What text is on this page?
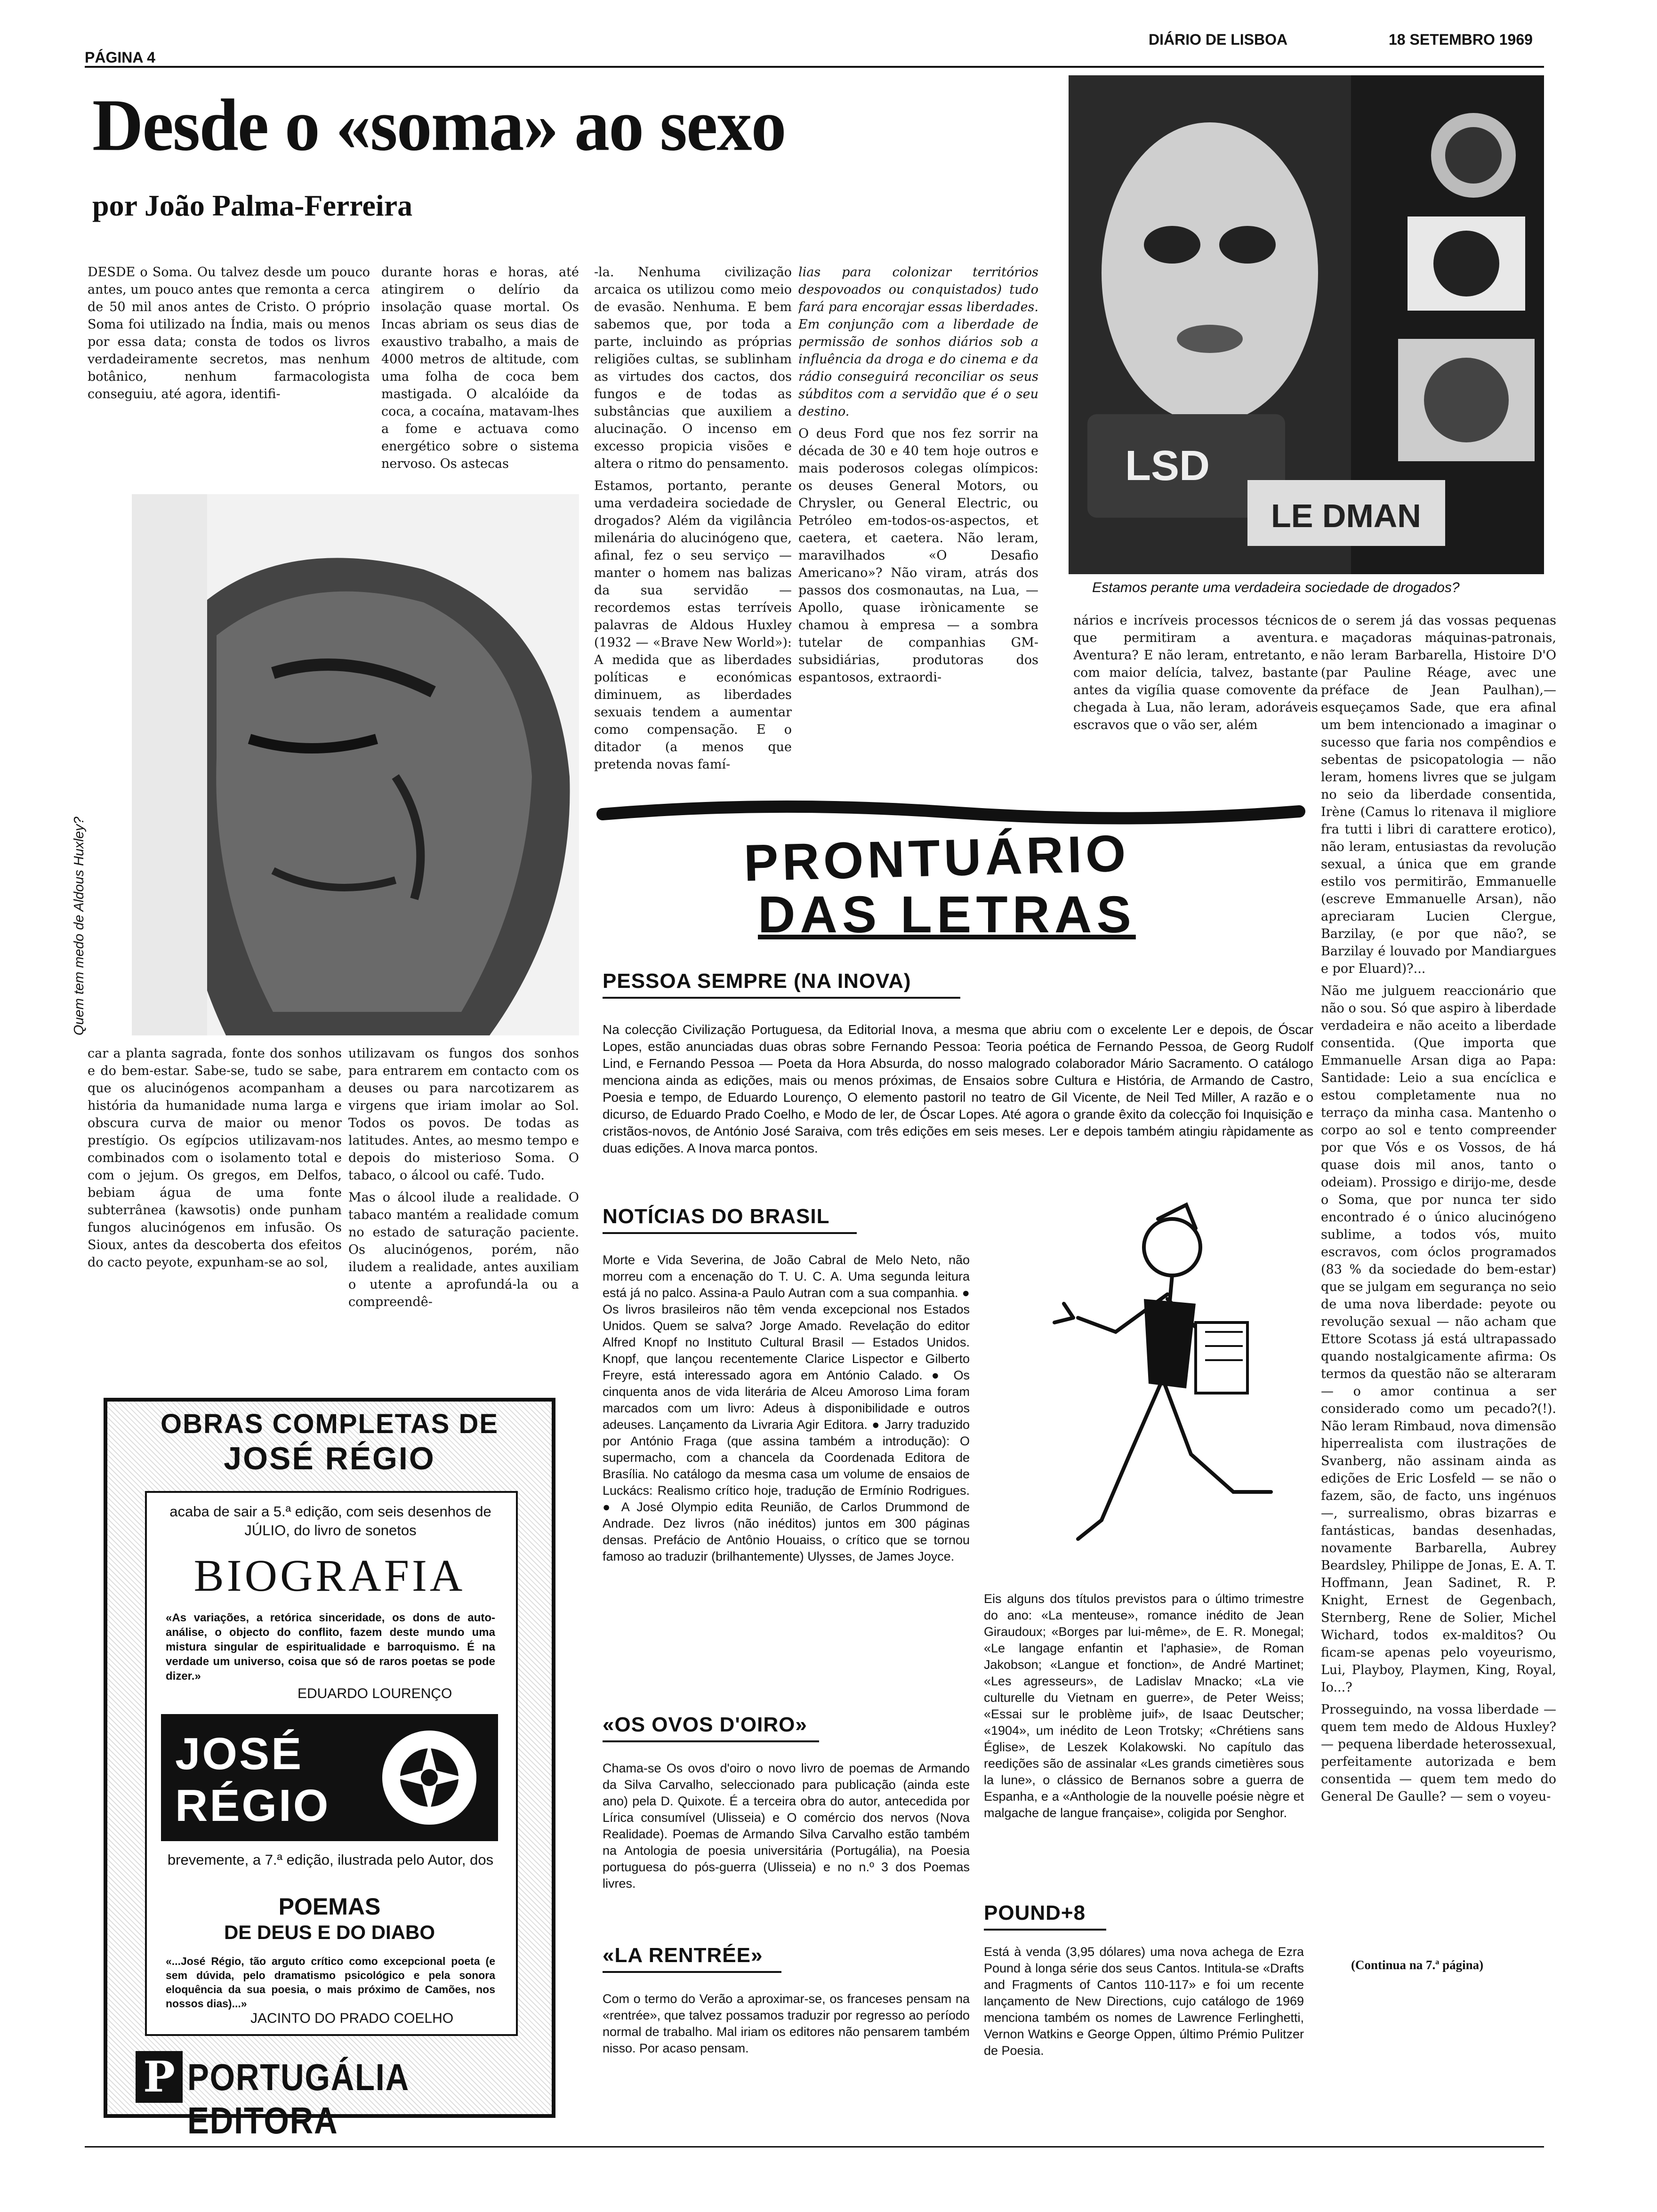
PÁGINA 4
DIÁRIO DE LISBOA	18 SETEMBRO 1969
Desde o «soma» ao sexo
por João Palma-Ferreira

DESDE o Soma. Ou talvez desde um pouco antes, um pouco antes que remonta a cerca de 50 mil anos antes de Cristo. O próprio Soma foi utilizado na Índia, mais ou menos por essa data; consta de todos os livros verdadeiramente secretos, mas nenhum botânico, nenhum farmacologista conseguiu, até agora, identifi-

durante horas e horas, até atingirem o delírio da insolação quase mortal. Os Incas abriam os seus dias de exaustivo trabalho, a mais de 4000 metros de altitude, com uma folha de coca bem mastigada. O alcalóide da coca, a cocaína, matavam-lhes a fome e actuava como energético sobre o sistema nervoso. Os astecas

-la. Nenhuma civilização arcaica os utilizou como meio de evasão. Nenhuma. E bem sabemos que, por toda a parte, incluindo as próprias religiões cultas, se sublinham as virtudes dos cactos, dos fungos e de todas as substâncias que auxiliem a alucinação. O incenso em excesso propicia visões e altera o ritmo do pensamento.

Estamos, portanto, perante uma verdadeira sociedade de drogados? Além da vigilância milenária do alucinógeno que, afinal, fez o seu serviço — manter o homem nas balizas da sua servidão — recordemos estas terríveis palavras de Aldous Huxley (1932 — «Brave New World»): A medida que as liberdades políticas e económicas diminuem, as liberdades sexuais tendem a aumentar como compensação. E o ditador (a menos que pretenda novas famí-

lias para colonizar territórios despovoados ou conquistados) tudo fará para encorajar essas liberdades. Em conjunção com a liberdade de permissão de sonhos diários sob a influência da droga e do cinema e da rádio conseguirá reconciliar os seus súbditos com a servidão que é o seu destino.

O deus Ford que nos fez sorrir na década de 30 e 40 tem hoje outros e mais poderosos colegas olímpicos: os deuses General Motors, ou Chrysler, ou General Electric, ou Petróleo em-todos-os-aspectos, et caetera, et caetera. Não leram, maravilhados «O Desafio Americano»? Não viram, atrás dos passos dos cosmonautas, na Lua, — Apollo, quase irònicamente se chamou à empresa — a sombra tutelar de companhias GM-subsidiárias, produtoras dos espantosos, extraordi-

LSD
LE DMAN
Estamos perante uma verdadeira sociedade de drogados?
Quem tem medo de Aldous Huxley?

nários e incríveis processos técnicos que permitiram a aventura. Aventura? E não leram, entretanto, e com maior delícia, talvez, bastante antes da vigília quase comovente da chegada à Lua, não leram, adoráveis escravos que o vão ser, além

de o serem já das vossas pequenas e maçadoras máquinas-patronais, não leram Barbarella, Histoire D'O (par Pauline Réage, avec une préface de Jean Paulhan),—esqueçamos Sade, que era afinal um bem intencionado a imaginar o sucesso que faria nos compêndios e sebentas de psicopatologia — não leram, homens livres que se julgam no seio da liberdade consentida, Irène (Camus lo ritenava il migliore fra tutti i libri di carattere erotico), não leram, entusiastas da revolução sexual, a única que em grande estilo vos permitirão, Emmanuelle (escreve Emmanuelle Arsan), não apreciaram Lucien Clergue, Barzilay, (e por que não?, se Barzilay é louvado por Mandiargues e por Eluard)?...

Não me julguem reaccionário que não o sou. Só que aspiro à liberdade verdadeira e não aceito a liberdade consentida. (Que importa que Emmanuelle Arsan diga ao Papa: Santidade: Leio a sua encíclica e estou completamente nua no terraço da minha casa. Mantenho o corpo ao sol e tento compreender por que Vós e os Vossos, de há quase dois mil anos, tanto o odeiam). Prossigo e dirijo-me, desde o Soma, que por nunca ter sido encontrado é o único alucinógeno sublime, a todos vós, muito escravos, com óclos programados (83 % da sociedade do bem-estar) que se julgam em segurança no seio de uma nova liberdade: peyote ou revolução sexual — não acham que Ettore Scotass já está ultrapassado quando nostalgicamente afirma: Os termos da questão não se alteraram — o amor continua a ser considerado como um pecado?(!). Não leram Rimbaud, nova dimensão hiperrealista com ilustrações de Svanberg, não assinam ainda as edições de Eric Losfeld — se não o fazem, são, de facto, uns ingénuos —, surrealismo, obras bizarras e fantásticas, bandas desenhadas, novamente Barbarella, Aubrey Beardsley, Philippe de Jonas, E. A. T. Hoffmann, Jean Sadinet, R. P. Knight, Ernest de Gegenbach, Sternberg, Rene de Solier, Michel Wichard, todos ex-malditos? Ou ficam-se apenas pelo voyeurismo, Lui, Playboy, Playmen, King, Royal, Io...?

Prosseguindo, na vossa liberdade — quem tem medo de Aldous Huxley? — pequena liberdade heterossexual, perfeitamente autorizada e bem consentida — quem tem medo do General De Gaulle? — sem o voyeu-

(Continua na 7.ª página)

car a planta sagrada, fonte dos sonhos e do bem-estar. Sabe-se, tudo se sabe, que os alucinógenos acompanham a história da humanidade numa larga e obscura curva de maior ou menor prestígio. Os egípcios utilizavam-nos combinados com o isolamento total e com o jejum. Os gregos, em Delfos, bebiam água de uma fonte subterrânea (kawsotis) onde punham fungos alucinógenos em infusão. Os Sioux, antes da descoberta dos efeitos do cacto peyote, expunham-se ao sol,

utilizavam os fungos dos sonhos para entrarem em contacto com os deuses ou para narcotizarem as virgens que iriam imolar ao Sol. Todos os povos. De todas as latitudes. Antes, ao mesmo tempo e depois do misterioso Soma. O tabaco, o álcool ou café. Tudo.

Mas o álcool ilude a realidade. O tabaco mantém a realidade comum no estado de saturação paciente. Os alucinógenos, porém, não iludem a realidade, antes auxiliam o utente a aprofundá-la ou a compreendê-

OBRAS COMPLETAS DE
JOSÉ RÉGIO
acaba de sair a 5.ª edição, com seis desenhos de JÚLIO, do livro de sonetos
BIOGRAFIA
«As variações, a retórica sinceridade, os dons de auto-análise, o objecto do conflito, fazem deste mundo uma mistura singular de espiritualidade e barroquismo. É na verdade um universo, coisa que só de raros poetas se pode dizer.»
EDUARDO LOURENÇO
JOSÉ
RÉGIO
brevemente, a 7.ª edição, ilustrada pelo Autor, dos
POEMAS
DE DEUS E DO DIABO
«...José Régio, tão arguto crítico como excepcional poeta (e sem dúvida, pelo dramatismo psicológico e pela sonora eloquência da sua poesia, o mais próximo de Camões, nos nossos dias)...»
JACINTO DO PRADO COELHO
P PORTUGÁLIA EDITORA
PRONTUÁRIO
DAS LETRAS
PESSOA SEMPRE (NA INOVA)
Na colecção Civilização Portuguesa, da Editorial Inova, a mesma que abriu com o excelente Ler e depois, de Óscar Lopes, estão anunciadas duas obras sobre Fernando Pessoa: Teoria poética de Fernando Pessoa, de Georg Rudolf Lind, e Fernando Pessoa — Poeta da Hora Absurda, do nosso malogrado colaborador Mário Sacramento. O catálogo menciona ainda as edições, mais ou menos próximas, de Ensaios sobre Cultura e História, de Armando de Castro, Poesia e tempo, de Eduardo Lourenço, O elemento pastoril no teatro de Gil Vicente, de Neil Ted Miller, A razão e o dicurso, de Eduardo Prado Coelho, e Modo de ler, de Óscar Lopes. Até agora o grande êxito da colecção foi Inquisição e cristãos-novos, de António José Saraiva, com três edições em seis meses. Ler e depois também atingiu ràpidamente as duas edições. A Inova marca pontos.
NOTÍCIAS DO BRASIL
Morte e Vida Severina, de João Cabral de Melo Neto, não morreu com a encenação do T. U. C. A. Uma segunda leitura está já no palco. Assina-a Paulo Autran com a sua companhia. ● Os livros brasileiros não têm venda excepcional nos Estados Unidos. Quem se salva? Jorge Amado. Revelação do editor Alfred Knopf no Instituto Cultural Brasil — Estados Unidos. Knopf, que lançou recentemente Clarice Lispector e Gilberto Freyre, está interessado agora em António Calado. ● Os cinquenta anos de vida literária de Alceu Amoroso Lima foram marcados com um livro: Adeus à disponibilidade e outros adeuses. Lançamento da Livraria Agir Editora. ● Jarry traduzido por António Fraga (que assina também a introdução): O supermacho, com a chancela da Coordenada Editora de Brasília. No catálogo da mesma casa um volume de ensaios de Luckács: Realismo crítico hoje, tradução de Ermínio Rodrigues. ● A José Olympio edita Reunião, de Carlos Drummond de Andrade. Dez livros (não inéditos) juntos em 300 páginas densas. Prefácio de Antônio Houaiss, o crítico que se tornou famoso ao traduzir (brilhantemente) Ulysses, de James Joyce.
Eis alguns dos títulos previstos para o último trimestre do ano: «La menteuse», romance inédito de Jean Giraudoux; «Borges par lui-même», de E. R. Monegal; «Le langage enfantin et l'aphasie», de Roman Jakobson; «Langue et fonction», de André Martinet; «Les agresseurs», de Ladislav Mnacko; «La vie culturelle du Vietnam en guerre», de Peter Weiss; «Essai sur le problème juif», de Isaac Deutscher; «1904», um inédito de Leon Trotsky; «Chrétiens sans Église», de Leszek Kolakowski. No capítulo das reedições são de assinalar «Les grands cimetières sous la lune», o clássico de Bernanos sobre a guerra de Espanha, e a «Anthologie de la nouvelle poésie nègre et malgache de langue française», coligida por Senghor.
«OS OVOS D'OIRO»
Chama-se Os ovos d'oiro o novo livro de poemas de Armando da Silva Carvalho, seleccionado para publicação (ainda este ano) pela D. Quixote. É a terceira obra do autor, antecedida por Lírica consumível (Ulisseia) e O comércio dos nervos (Nova Realidade). Poemas de Armando Silva Carvalho estão também na Antologia de poesia universitária (Portugália), na Poesia portuguesa do pós-guerra (Ulisseia) e no n.º 3 dos Poemas livres.
«LA RENTRÉE»
Com o termo do Verão a aproximar-se, os franceses pensam na «rentrée», que talvez possamos traduzir por regresso ao período normal de trabalho. Mal iriam os editores não pensarem também nisso. Por acaso pensam.
POUND+8
Está à venda (3,95 dólares) uma nova achega de Ezra Pound à longa série dos seus Cantos. Intitula-se «Drafts and Fragments of Cantos 110-117» e foi um recente lançamento de New Directions, cujo catálogo de 1969 menciona também os nomes de Lawrence Ferlinghetti, Vernon Watkins e George Oppen, último Prémio Pulitzer de Poesia.
